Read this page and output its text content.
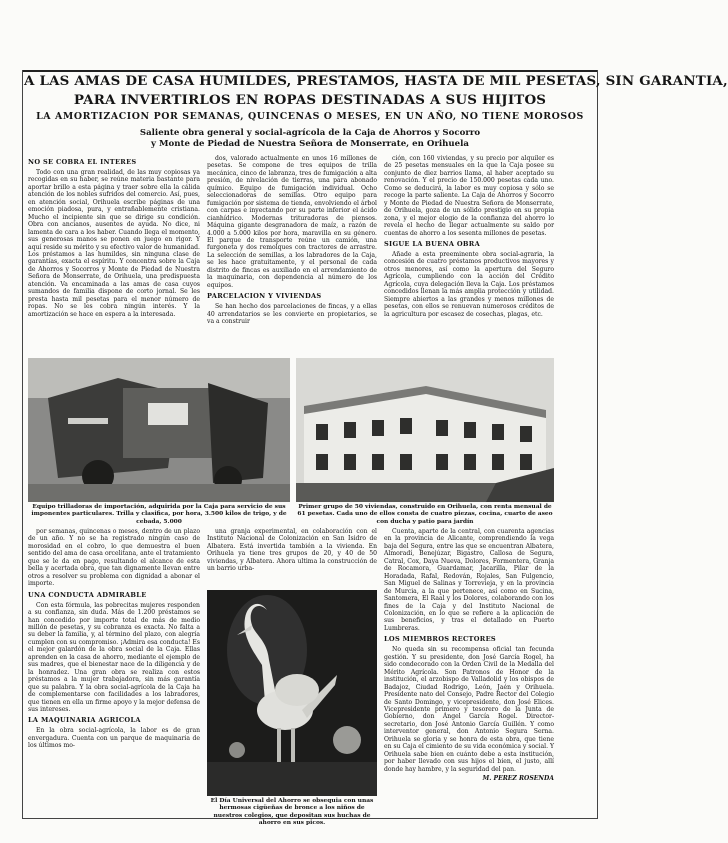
A LAS AMAS DE CASA HUMILDES, PRESTAMOS, HASTA DE MIL PESETAS, SIN GARANTIA,
PARA INVERTIRLOS EN ROPAS DESTINADAS A SUS HIJITOS
LA AMORTIZACION POR SEMANAS, QUINCENAS O MESES, EN UN AÑO, NO TIENE MOROSOS
Saliente obra general y social-agrícola de la Caja de Ahorros y Socorro
y Monte de Piedad de Nuestra Señora de Monserrate, en Orihuela
NO SE COBRA EL INTERES

Todo con una gran realidad, de las muy copiosas ya recogidas en su haber, se reúne materia bastante para aportar brillo a esta página y traer sobre ella la cálida atención de los nobles sufridos del comercio. Así, pues, en atención social, Orihuela escribe páginas de una emoción piadosa, pura, y entrañablemente cristiana. Mucho el incipiente sin que se dirige su condición. Obra con ancianos, ausentes de ayuda. No dice, ni lamenta de cara a los haber. Cuando llega el momento, sus generosas manos se ponen en juego en rigor. Y aquí reside su mérito y su efectivo valor de humanidad. Los préstamos a las humildes, sin ninguna clase de garantías, exacta el espíritu. Y concentra sobre la Caja de Ahorros y Socorros y Monte de Piedad de Nuestra Señora de Monserrate, de Orihuela, una predispuesta atención. Va encaminada a las amas de casa cuyos sumandos de familia dispone de corto jornal. Se les presta hasta mil pesetas para el menor número de ropas. No se les cobra ningún interés. Y la amortización se hace en espera a la interesada.

dos, valorado actualmente en unos 16 millones de pesetas. Se compone de tres equipos de trilla mecánica, cinco de labranza, tres de fumigación a alta presión, de nivelación de tierras, una para abonado químico. Equipo de fumigación individual. Ocho seleccionadoras de semillas. Otro equipo para fumigación por sistema de tienda, envolviendo el árbol con carpas e inyectando por su parte inferior el ácido cianhídrico. Modernas trituradoras de piensos. Máquina gigante desgranadora de maíz, a razón de 4.000 a 5.000 kilos por hora, maravilla en su género. El parque de transporte reúne un camión, una furgoneta y dos remolques con tractores de arrastre. La selección de semillas, a los labradores de la Caja, se les hace gratuitamente, y el personal de cada distrito de fincas es auxiliado en el arrendamiento de la maquinaria, con dependencia al número de los equipos.

PARCELACION Y VIVIENDAS

Se han hecho dos parcelaciones de fincas, y a ellas 40 arrendatarios se les convierte en propietarios, se va a construir

ción, con 160 viviendas, y su precio por alquiler es de 25 pesetas mensuales en la que la Caja posee su conjunto de diez barrios llama, al haber aceptado su renovación. Y el precio de 150.000 pesetas cada uno. Como se deducirá, la labor es muy copiosa y sólo se recoge la parte saliente. La Caja de Ahorros y Socorro y Monte de Piedad de Nuestra Señora de Monserrate, de Orihuela, goza de un sólido prestigio en su propia zona, y el mejor elogio de la confianza del ahorro lo revela el hecho de llegar actualmente su saldo por cuentas de ahorro a los sesenta millones de pesetas.

SIGUE LA BUENA OBRA

Añade a esta preeminente obra social-agraria, la concesión de cuatro préstamos productivos mayores y otros menores, así como la apertura del Seguro Agrícola, cumpliendo con la acción del Crédito Agrícola, cuya delegación lleva la Caja. Los préstamos concedidos llenan la más amplia protección y utilidad. Siempre abiertos a las grandes y menos millones de pesetas, con ellos se renuevan numerosos créditos de la agricultura por escasez de cosechas, plagas, etc.

Equipo trilladoras de importación, adquirida por la Caja para servicio de sus imponentes particulares. Trilla y clasifica, por hora, 3.500 kilos de trigo, y de cebada, 5.000
Primer grupo de 50 viviendas, construido en Orihuela, con renta mensual de 61 pesetas. Cada uno de ellos consta de cuatro piezas, cocina, cuarto de aseo con ducha y patio para jardín

por semanas, quincenas o meses, dentro de un plazo de un año. Y no se ha registrado ningún caso de morosidad en el cobro, lo que demuestra el buen sentido del ama de casa orcelitana, ante el tratamiento que se le da en pago, resultando el alcance de esta bella y acertada obra, que tan dignamente llevan entre otros a resolver su problema con dignidad a abonar el importe.

UNA CONDUCTA ADMIRABLE

Con esta fórmula, las pobrecitas mujeres responden a su confianza, sin duda. Más de 1.200 préstamos se han concedido por importe total de más de medio millón de pesetas, y su cobranza es exacta. No falta a su deber la familia, y, al término del plazo, con alegría cumplen con su compromiso. ¡Admira esa conducta! Es el mejor galardón de la obra social de la Caja. Ellas aprenden en la casa de ahorro, mediante el ejemplo de sus madres, que el bienestar nace de la diligencia y de la honradez. Una gran obra se realiza con estos préstamos a la mujer trabajadora, sin más garantía que su palabra. Y la obra social-agrícola de la Caja ha de complementarse con facilidades a los labradores, que tienen en ella un firme apoyo y la mejor defensa de sus intereses.

LA MAQUINARIA AGRICOLA

En la obra social-agrícola, la labor es de gran envergadura. Cuenta con un parque de maquinaria de los últimos mo-

una granja experimental, en colaboración con el Instituto Nacional de Colonización en San Isidro de Albatera. Está invertida también a la vivienda. En Orihuela ya tiene tres grupos de 20, y 40 de 50 viviendas, y Albatera. Ahora ultima la construcción de un barrio urba-

El Día Universal del Ahorro se obsequia con unas hermosas cigüeñas de bronce a los niños de nuestros colegios, que depositan sus huchas de ahorro en sus picos.

Cuenta, aparte de la central, con cuarenta agencias en la provincia de Alicante, comprendiendo la vega baja del Segura, entre las que se encuentran Albatera, Almoradí, Benejúzar, Bigastro, Callosa de Segura, Catral, Cox, Daya Nueva, Dolores, Formentera, Granja de Rocamora, Guardamar, Jacarilla, Pilar de la Horadada, Rafal, Redován, Rojales, San Fulgencio, San Miguel de Salinas y Torrevieja, y en la provincia de Murcia, a la que pertenece, así como en Sucina, Santomera, El Raal y los Dolores, colaborando con los fines de la Caja y del Instituto Nacional de Colonización, en lo que se refiere a la aplicación de sus beneficios, y tras el detallado en Puerto Lumbreras.

LOS MIEMBROS RECTORES

No queda sin su recompensa oficial tan fecunda gestión. Y su presidente, don José García Rogel, ha sido condecorado con la Orden Civil de la Medalla del Mérito Agrícola. Son Patronos de Honor de la institución, el arzobispo de Valladolid y los obispos de Badajoz, Ciudad Rodrigo, León, Jaén y Orihuela. Presidente nato del Consejo, Padre Rector del Colegio de Santo Domingo, y vicepresidente, don José Elices. Vicepresidente primero y tesorero de la Junta de Gobierno, don Ángel García Rogel. Director-secretario, don José Antonio García Guillén. Y como interventor general, don Antonio Segura Serna. Orihuela se gloria y se honra de esta obra, que tiene en su Caja el cimiento de su vida económica y social. Y Orihuela sabe bien en cuánto debe a esta institución, por haber llevado con sus hijos el bien, el justo, allí donde hay hambre, y la seguridad del pan.

M. PEREZ ROSENDA
